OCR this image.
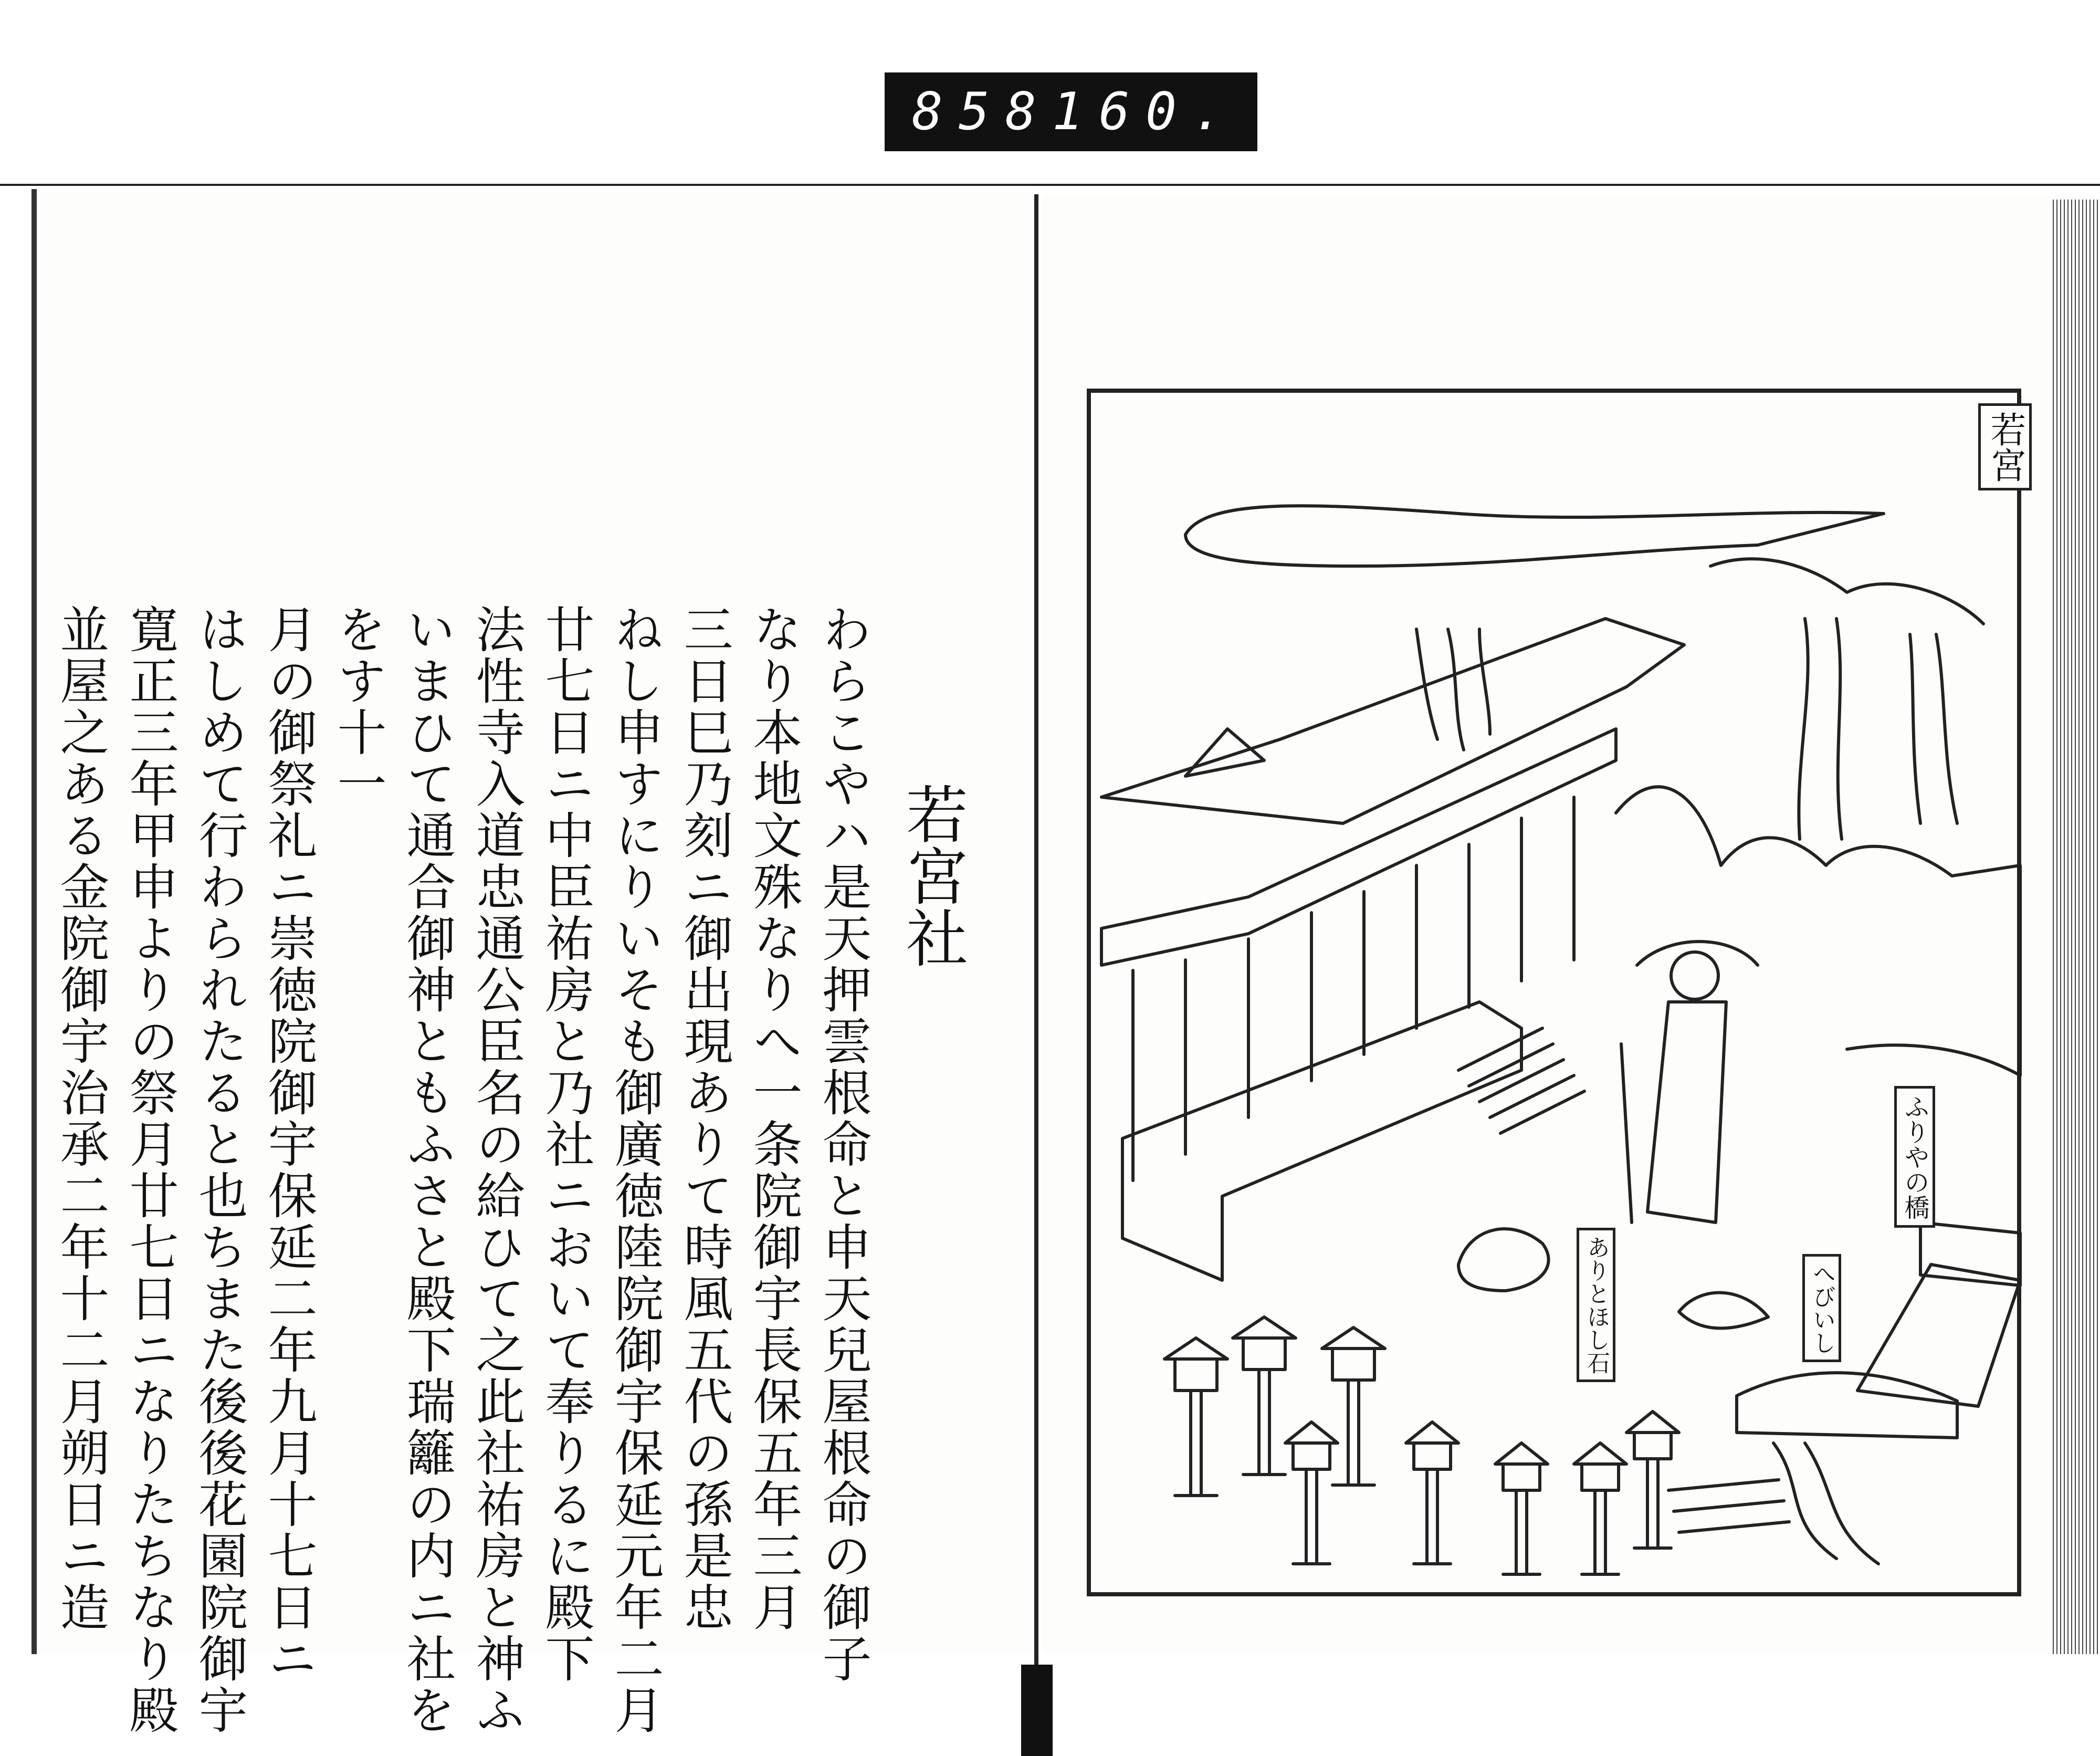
858 160.
若宮社
わらこやハ是天押雲根命と申天兒屋根命の御子
なり本地文殊なりへ一条院御宇長保五年三月
三日巳乃刻ニ御出現ありて時風五代の孫是忠
ねし申すにりいそも御廣徳陸院御宇保延元年二月
廿七日ニ中臣祐房と乃社ニおいて奉りるに殿下
法性寺入道忠通公臣名の給ひて之此社祐房と神ふ
いまひて通合御神ともふさと殿下瑞籬の内ニ社ををす十一
月の御祭礼ニ崇徳院御宇保延二年九月十七日ニ
はしめて行わられたると也ちまた後後花園院御宇
寛正三年甲申よりの祭月廿七日ニなりたちなり殿
並屋之ある金院御宇治承二年十二月朔日ニ造
若宮
ふりやの橋
ありとほし石	へびいし
